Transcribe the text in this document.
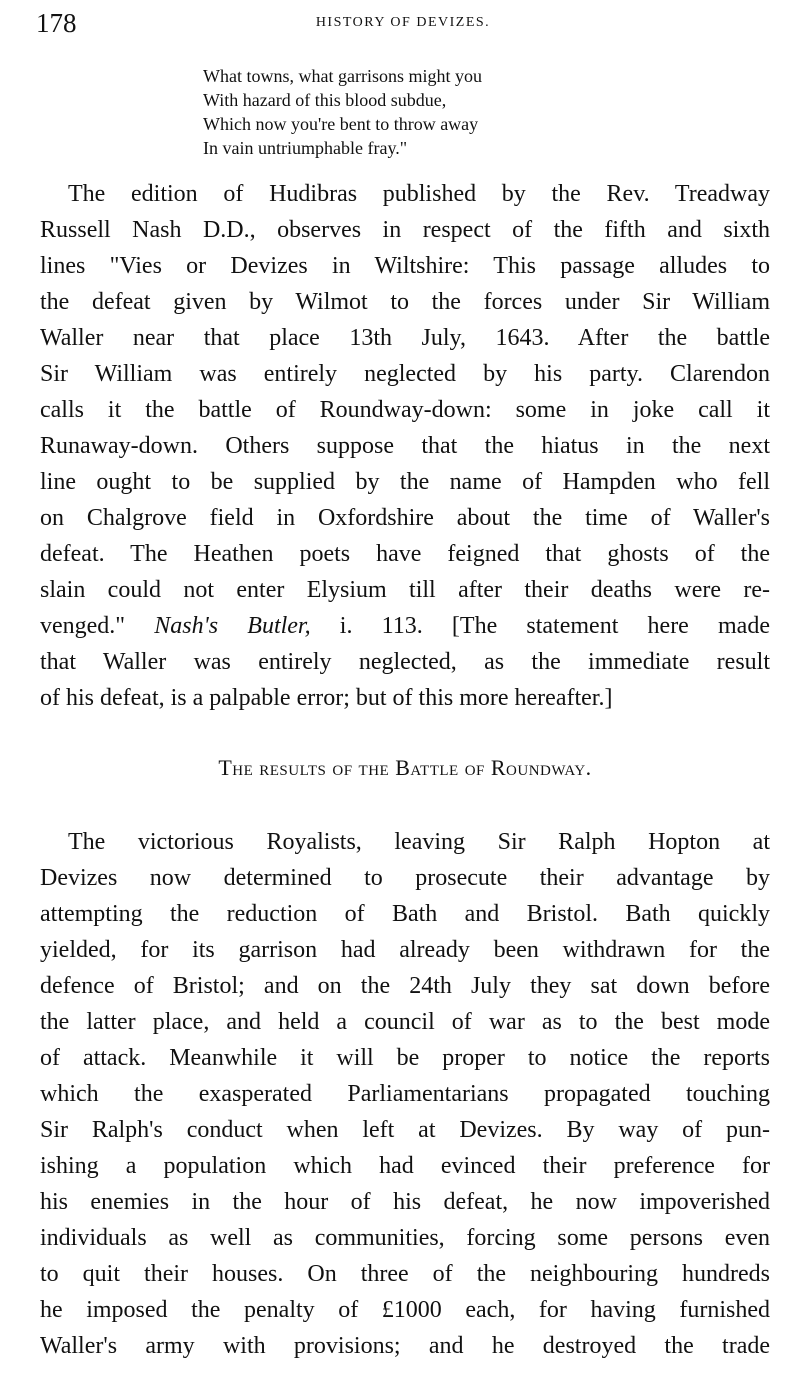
178	HISTORY OF DEVIZES.
What towns, what garrisons might you
With hazard of this blood subdue,
Which now you're bent to throw away
In vain untriumphable fray."
The edition of Hudibras published by the Rev. Treadway
Russell Nash D.D., observes in respect of the fifth and sixth
lines "Vies or Devizes in Wiltshire: This passage alludes to
the defeat given by Wilmot to the forces under Sir William
Waller near that place 13th July, 1643. After the battle
Sir William was entirely neglected by his party. Clarendon
calls it the battle of Roundway-down: some in joke call it
Runaway-down. Others suppose that the hiatus in the next
line ought to be supplied by the name of Hampden who fell
on Chalgrove field in Oxfordshire about the time of Waller's
defeat. The Heathen poets have feigned that ghosts of the
slain could not enter Elysium till after their deaths were re-
venged." Nash's Butler, i. 113. [The statement here made
that Waller was entirely neglected, as the immediate result
of his defeat, is a palpable error; but of this more hereafter.]
The results of the Battle of Roundway.
The victorious Royalists, leaving Sir Ralph Hopton at
Devizes now determined to prosecute their advantage by
attempting the reduction of Bath and Bristol. Bath quickly
yielded, for its garrison had already been withdrawn for the
defence of Bristol; and on the 24th July they sat down before
the latter place, and held a council of war as to the best mode
of attack. Meanwhile it will be proper to notice the reports
which the exasperated Parliamentarians propagated touching
Sir Ralph's conduct when left at Devizes. By way of pun-
ishing a population which had evinced their preference for
his enemies in the hour of his defeat, he now impoverished
individuals as well as communities, forcing some persons even
to quit their houses. On three of the neighbouring hundreds
he imposed the penalty of £1000 each, for having furnished
Waller's army with provisions; and he destroyed the trade
